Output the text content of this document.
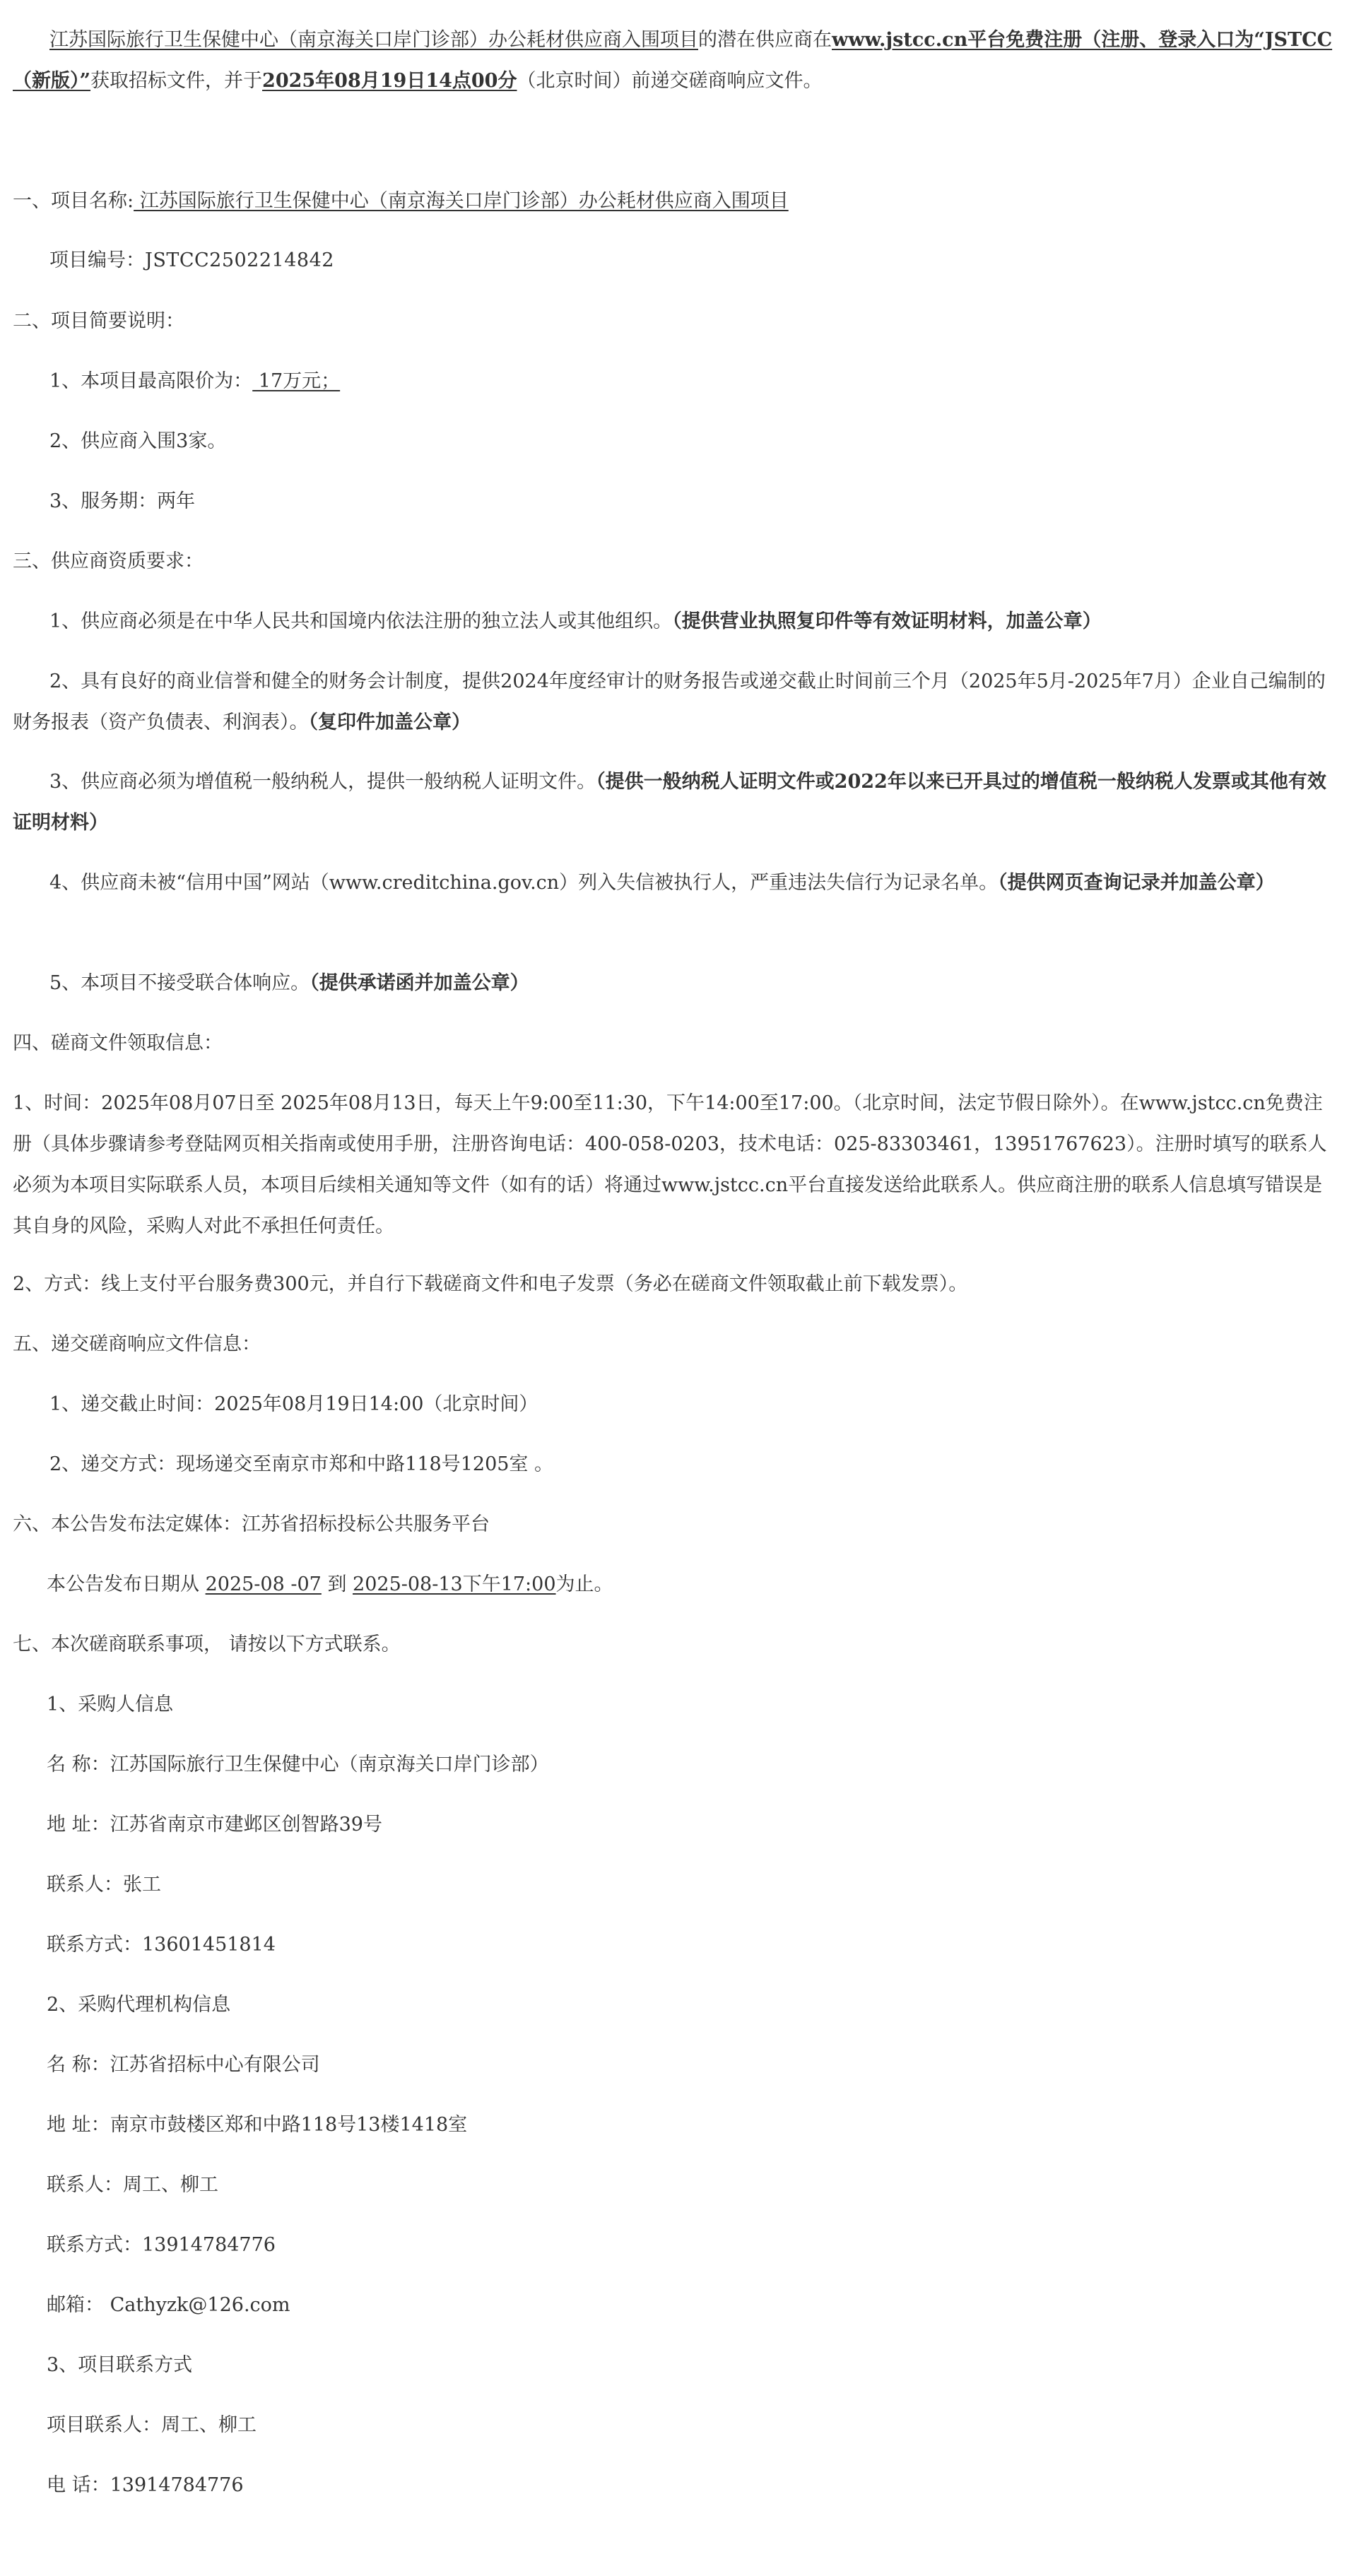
江苏国际旅行卫生保健中心（南京海关口岸门诊部）办公耗材供应商入围项目的潜在供应商在www.jstcc.cn平台免费注册（注册、登录入口为“JSTCC（新版）”获取招标文件，并于2025年08月19日14点00分（北京时间）前递交磋商响应文件。

一、项目名称: 江苏国际旅行卫生保健中心（南京海关口岸门诊部）办公耗材供应商入围项目

项目编号：JSTCC2502214842

二、项目简要说明：

1、本项目最高限价为： 17万元；

2、供应商入围3家。

3、服务期：两年

三、供应商资质要求：

1、供应商必须是在中华人民共和国境内依法注册的独立法人或其他组织。（提供营业执照复印件等有效证明材料，加盖公章）

2、具有良好的商业信誉和健全的财务会计制度，提供2024年度经审计的财务报告或递交截止时间前三个月（2025年5月-2025年7月）企业自己编制的财务报表（资产负债表、利润表）。（复印件加盖公章）

3、供应商必须为增值税一般纳税人，提供一般纳税人证明文件。（提供一般纳税人证明文件或2022年以来已开具过的增值税一般纳税人发票或其他有效证明材料）

4、供应商未被“信用中国”网站（www.creditchina.gov.cn）列入失信被执行人，严重违法失信行为记录名单。（提供网页查询记录并加盖公章）

5、本项目不接受联合体响应。（提供承诺函并加盖公章）

四、磋商文件领取信息：

1、时间：2025年08月07日至 2025年08月13日，每天上午9:00至11:30，下午14:00至17:00。（北京时间，法定节假日除外）。在www.jstcc.cn免费注册（具体步骤请参考登陆网页相关指南或使用手册，注册咨询电话：400-058-0203，技术电话：025-83303461，13951767623）。注册时填写的联系人必须为本项目实际联系人员，本项目后续相关通知等文件（如有的话）将通过www.jstcc.cn平台直接发送给此联系人。供应商注册的联系人信息填写错误是其自身的风险，采购人对此不承担任何责任。

2、方式：线上支付平台服务费300元，并自行下载磋商文件和电子发票（务必在磋商文件领取截止前下载发票）。

五、递交磋商响应文件信息：

1、递交截止时间：2025年08月19日14:00（北京时间）

2、递交方式：现场递交至南京市郑和中路118号1205室 。

六、本公告发布法定媒体：江苏省招标投标公共服务平台

本公告发布日期从 2025-08 -07 到 2025-08-13下午17:00为止。

七、本次磋商联系事项， 请按以下方式联系。

1、采购人信息

名 称：江苏国际旅行卫生保健中心（南京海关口岸门诊部）

地 址：江苏省南京市建邺区创智路39号

联系人：张工

联系方式：13601451814

2、采购代理机构信息

名 称：江苏省招标中心有限公司

地 址：南京市鼓楼区郑和中路118号13楼1418室

联系人：周工、柳工

联系方式：13914784776

邮箱： Cathyzk@126.com

3、项目联系方式

项目联系人：周工、柳工

电 话：13914784776
